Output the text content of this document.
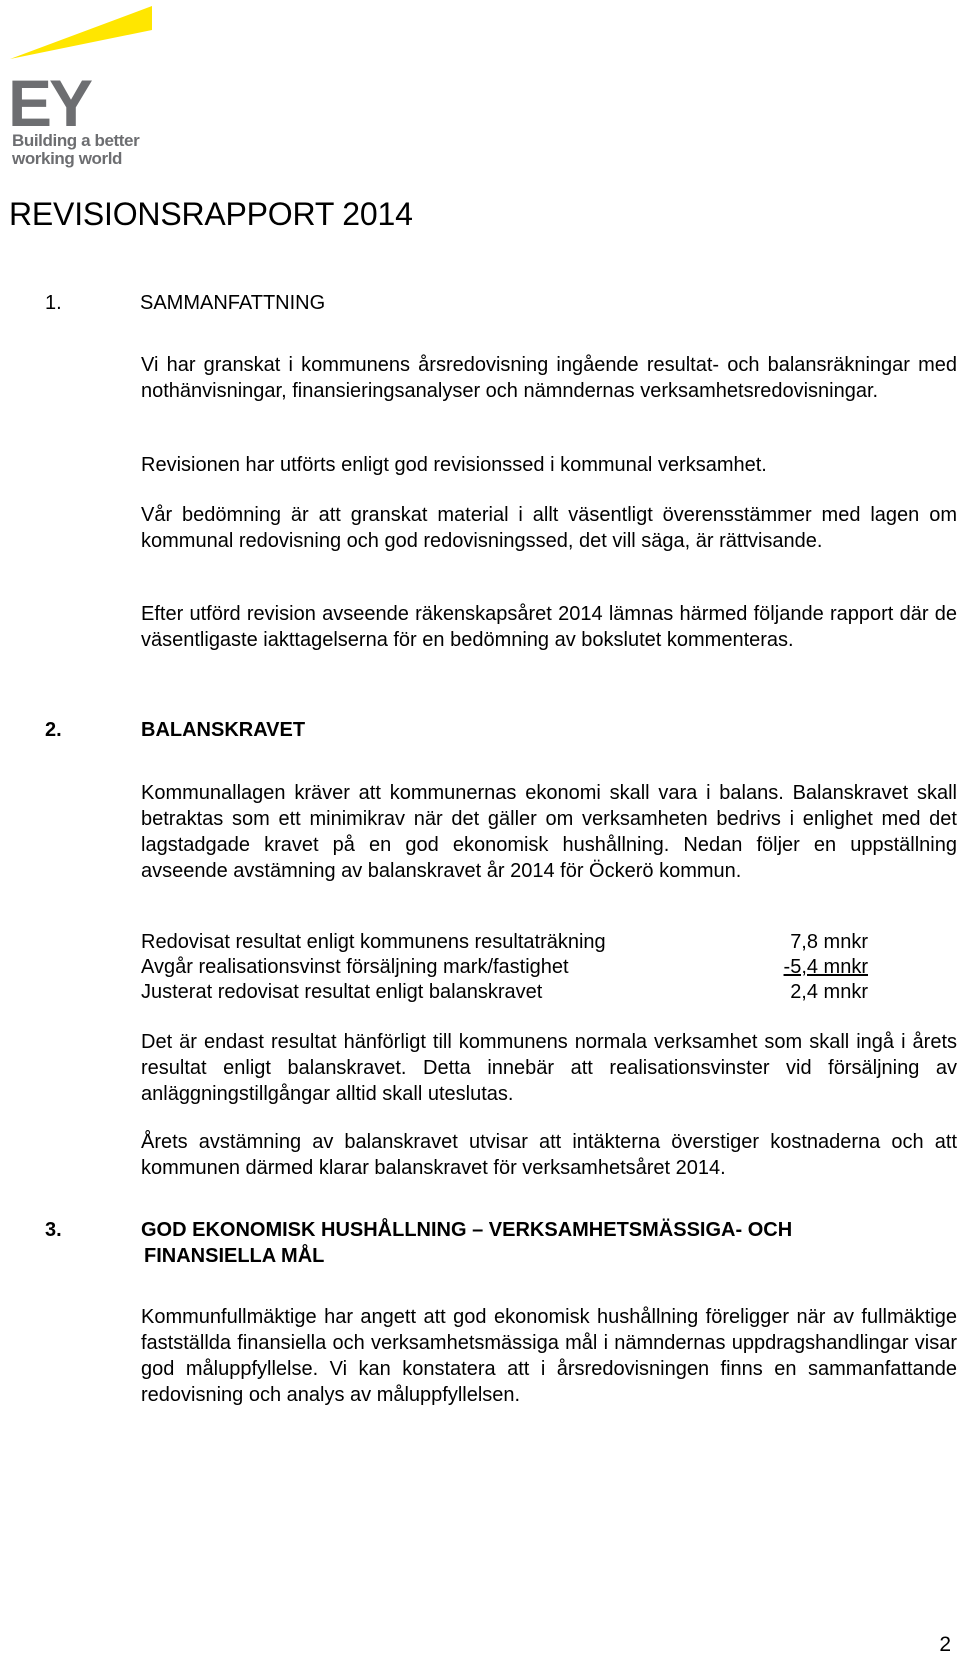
EY
Building a better
working world
REVISIONSRAPPORT 2014
1.	SAMMANFATTNING
Vi har granskat i kommunens årsredovisning ingående resultat- och balansräkningar med nothänvisningar, finansieringsanalyser och nämndernas verksamhetsredovisningar.
Revisionen har utförts enligt god revisionssed i kommunal verksamhet.
Vår bedömning är att granskat material i allt väsentligt överensstämmer med lagen om kommunal redovisning och god redovisningssed, det vill säga, är rättvisande.
Efter utförd revision avseende räkenskapsåret 2014 lämnas härmed följande rapport där de väsentligaste iakttagelserna för en bedömning av bokslutet kommenteras.
2.	BALANSKRAVET
Kommunallagen kräver att kommunernas ekonomi skall vara i balans. Balanskravet skall betraktas som ett minimikrav när det gäller om verksamheten bedrivs i enlighet med det lagstadgade kravet på en god ekonomisk hushållning. Nedan följer en uppställning avseende avstämning av balanskravet år 2014 för Öckerö kommun.
Redovisat resultat enligt kommunens resultaträkning	7,8 mnkr
Avgår realisationsvinst försäljning mark/fastighet	-5,4 mnkr
Justerat redovisat resultat enligt balanskravet	2,4 mnkr
Det är endast resultat hänförligt till kommunens normala verksamhet som skall ingå i årets resultat enligt balanskravet. Detta innebär att realisationsvinster vid försäljning av anläggningstillgångar alltid skall uteslutas.
Årets avstämning av balanskravet utvisar att intäkterna överstiger kostnaderna och att kommunen därmed klarar balanskravet för verksamhetsåret 2014.
3.	GOD EKONOMISK HUSHÅLLNING – VERKSAMHETSMÄSSIGA- OCH
FINANSIELLA MÅL
Kommunfullmäktige har angett att god ekonomisk hushållning föreligger när av fullmäktige fastställda finansiella och verksamhetsmässiga mål i nämndernas uppdragshandlingar visar god måluppfyllelse. Vi kan konstatera att i årsredovisningen finns en sammanfattande redovisning och analys av måluppfyllelsen.
2
